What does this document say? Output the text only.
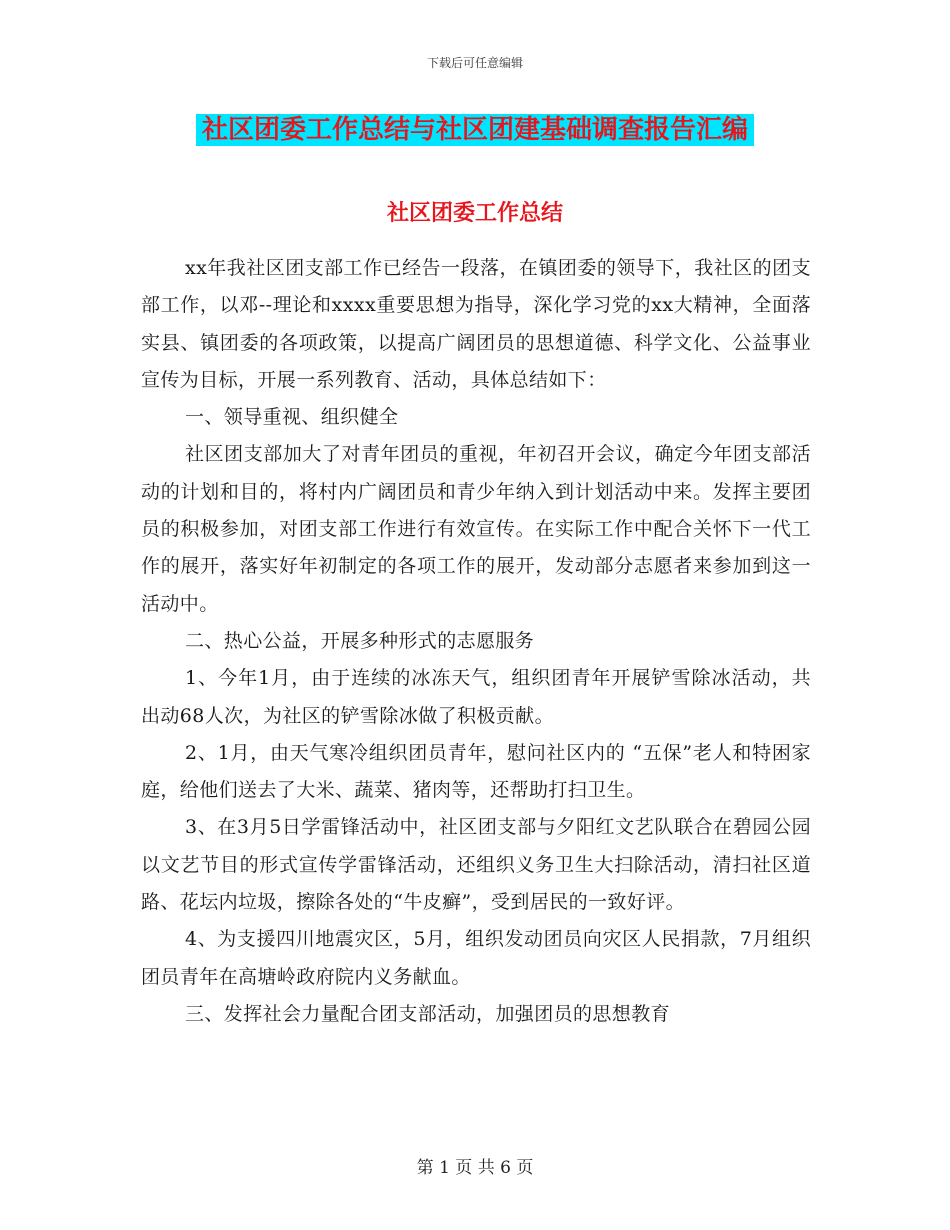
下载后可任意编辑
社区团委工作总结与社区团建基础调查报告汇编
社区团委工作总结

xx年我社区团支部工作已经告一段落，在镇团委的领导下，我社区的团支部工作，以邓--理论和xxxx重要思想为指导，深化学习党的xx大精神，全面落实县、镇团委的各项政策，以提高广阔团员的思想道德、科学文化、公益事业宣传为目标，开展一系列教育、活动，具体总结如下：

一、领导重视、组织健全

社区团支部加大了对青年团员的重视，年初召开会议，确定今年团支部活动的计划和目的，将村内广阔团员和青少年纳入到计划活动中来。发挥主要团员的积极参加，对团支部工作进行有效宣传。在实际工作中配合关怀下一代工作的展开，落实好年初制定的各项工作的展开，发动部分志愿者来参加到这一活动中。

二、热心公益，开展多种形式的志愿服务

1、今年1月，由于连续的冰冻天气，组织团青年开展铲雪除冰活动，共出动68人次，为社区的铲雪除冰做了积极贡献。

2、1月，由天气寒冷组织团员青年，慰问社区内的 “五保”老人和特困家庭，给他们送去了大米、蔬菜、猪肉等，还帮助打扫卫生。

3、在3月5日学雷锋活动中，社区团支部与夕阳红文艺队联合在碧园公园以文艺节目的形式宣传学雷锋活动，还组织义务卫生大扫除活动，清扫社区道路、花坛内垃圾，擦除各处的“牛皮癣”，受到居民的一致好评。

4、为支援四川地震灾区，5月，组织发动团员向灾区人民捐款，7月组织团员青年在高塘岭政府院内义务献血。

三、发挥社会力量配合团支部活动，加强团员的思想教育

第 1 页 共 6 页
